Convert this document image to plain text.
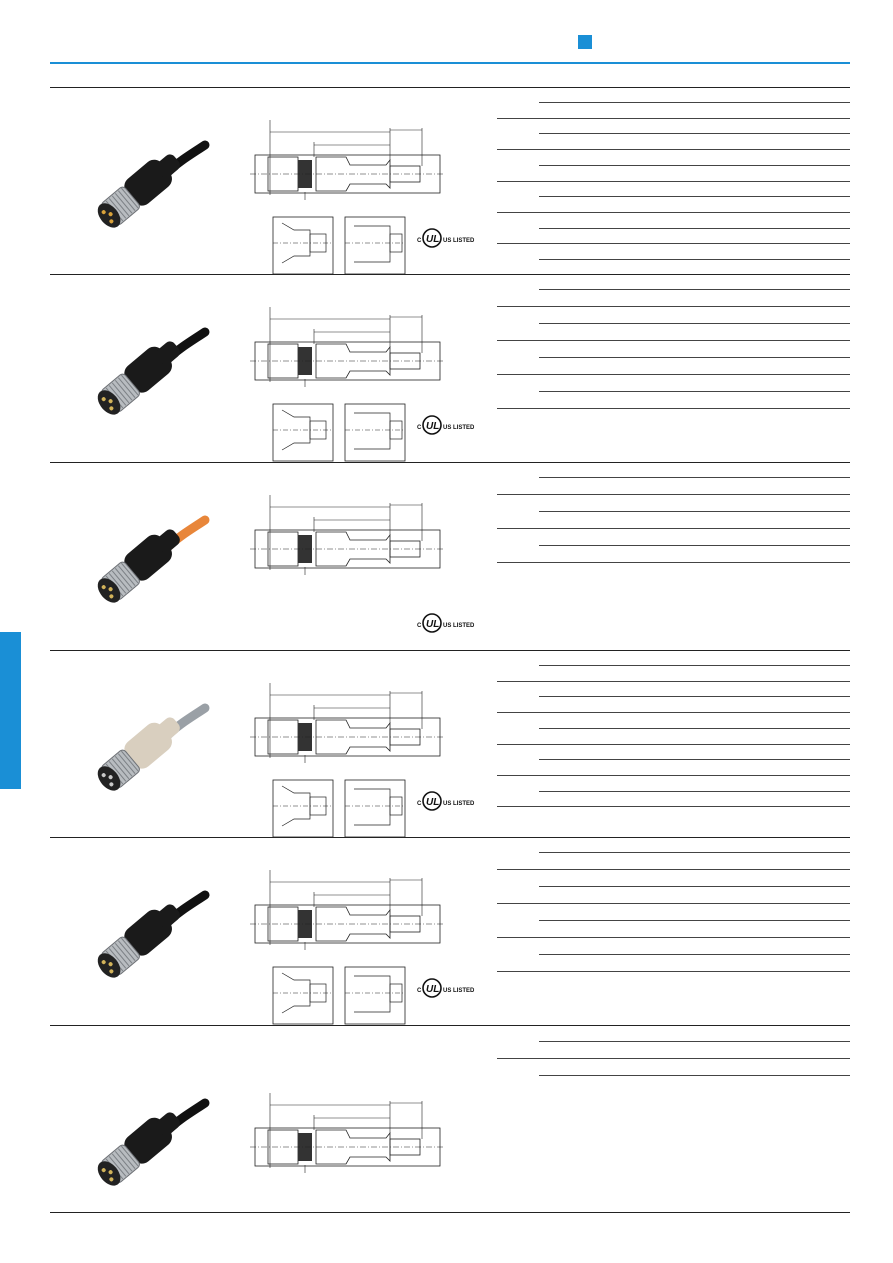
C UL US LISTED
C UL US LISTED
C UL US LISTED
C UL US LISTED
C UL US LISTED
